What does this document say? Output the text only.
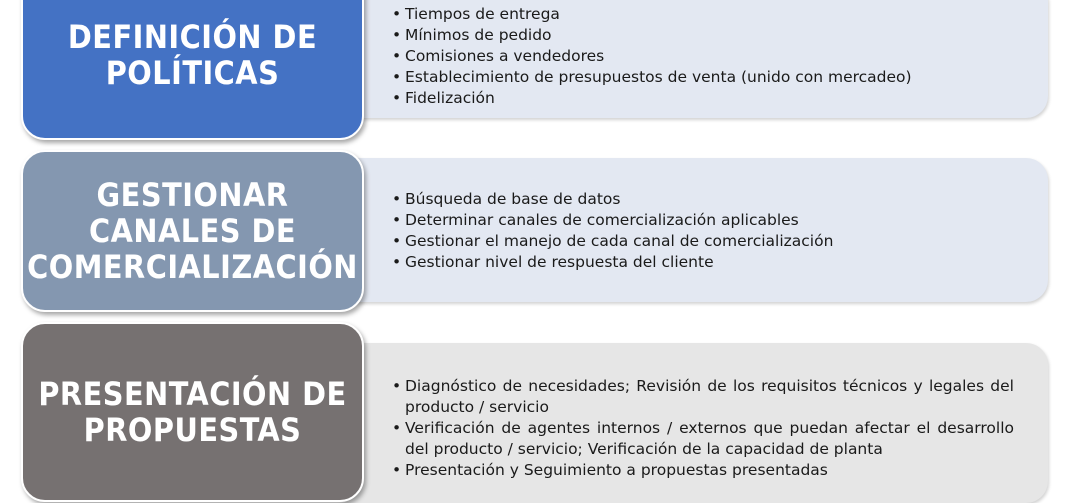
• Tiempos de entrega
• Mínimos de pedido
• Comisiones a vendedores
• Establecimiento de presupuestos de venta (unido con mercadeo)
• Fidelización
DEFINICIÓN DE
POLÍTICAS
• Búsqueda de base de datos
• Determinar canales de comercialización aplicables
• Gestionar el manejo de cada canal de comercialización
• Gestionar nivel de respuesta del cliente
GESTIONAR
CANALES DE
COMERCIALIZACIÓN
• Diagnóstico de necesidades; Revisión de los requisitos técnicos y legales del producto / servicio
• Verificación de agentes internos / externos que puedan afectar el desarrollo del producto / servicio; Verificación de la capacidad de planta
• Presentación y Seguimiento a propuestas presentadas
PRESENTACIÓN DE
PROPUESTAS
